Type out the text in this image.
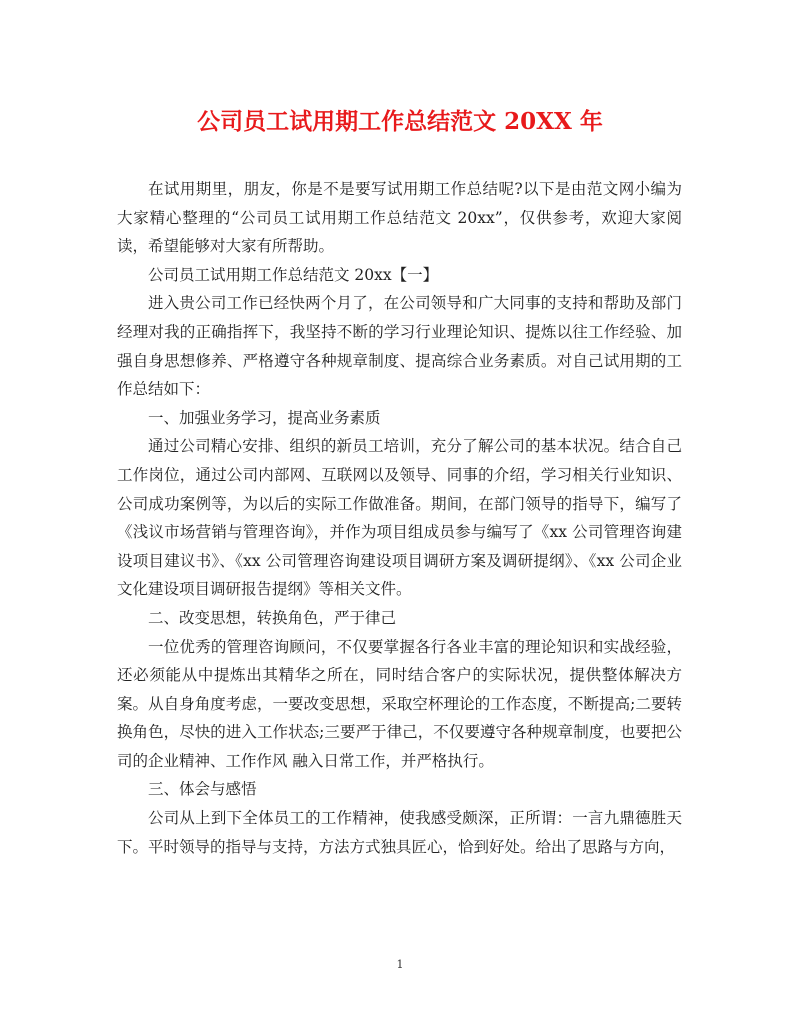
公司员工试用期工作总结范文 20XX 年

在试用期里，朋友，你是不是要写试用期工作总结呢?以下是由范文网小编为大家精心整理的“公司员工试用期工作总结范文 20xx”，仅供参考，欢迎大家阅读，希望能够对大家有所帮助。

公司员工试用期工作总结范文 20xx【一】

进入贵公司工作已经快两个月了，在公司领导和广大同事的支持和帮助及部门经理对我的正确指挥下，我坚持不断的学习行业理论知识、提炼以往工作经验、加强自身思想修养、严格遵守各种规章制度、提高综合业务素质。对自己试用期的工作总结如下：

一、加强业务学习，提高业务素质

通过公司精心安排、组织的新员工培训，充分了解公司的基本状况。结合自己工作岗位，通过公司内部网、互联网以及领导、同事的介绍，学习相关行业知识、公司成功案例等，为以后的实际工作做准备。期间，在部门领导的指导下，编写了《浅议市场营销与管理咨询》，并作为项目组成员参与编写了《xx 公司管理咨询建设项目建议书》、《xx 公司管理咨询建设项目调研方案及调研提纲》、《xx 公司企业文化建设项目调研报告提纲》等相关文件。

二、改变思想，转换角色，严于律己

一位优秀的管理咨询顾问，不仅要掌握各行各业丰富的理论知识和实战经验，还必须能从中提炼出其精华之所在，同时结合客户的实际状况，提供整体解决方案。从自身角度考虑，一要改变思想，采取空杯理论的工作态度，不断提高;二要转换角色，尽快的进入工作状态;三要严于律己，不仅要遵守各种规章制度，也要把公司的企业精神、工作作风 融入日常工作，并严格执行。

三、体会与感悟

公司从上到下全体员工的工作精神，使我感受颇深，正所谓：一言九鼎德胜天下。平时领导的指导与支持，方法方式独具匠心，恰到好处。给出了思路与方向，

1
